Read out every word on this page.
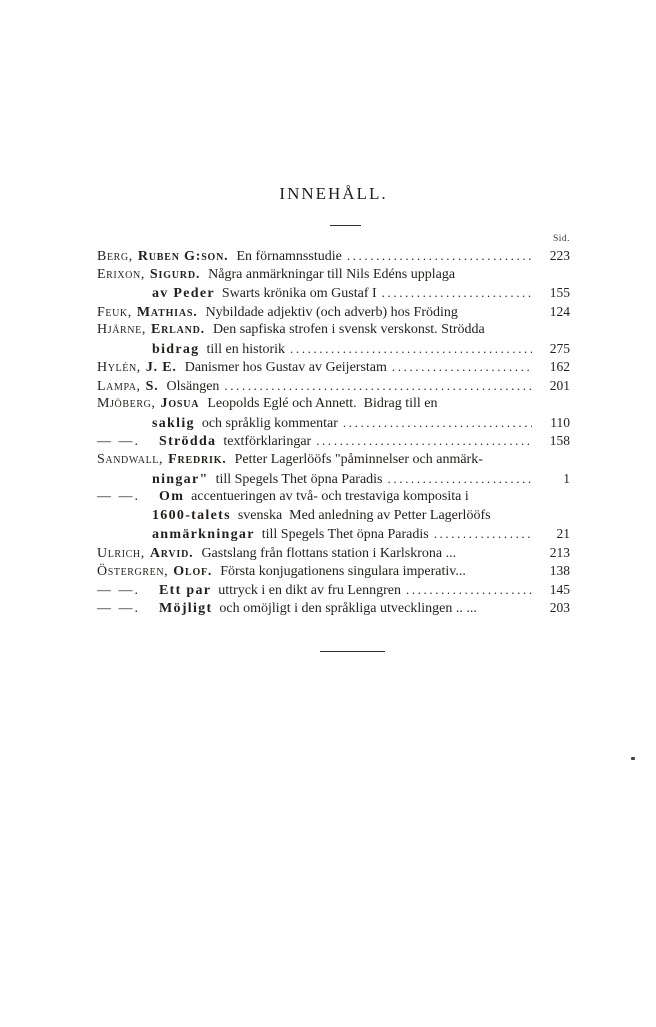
INNEHÅLL.
Sid.
Berg, Ruben G:son. En förnamnsstudie .....	223
Erixon, Sigurd. Några anmärkningar till Nils Edéns upplaga
av Peder Swarts krönika om Gustaf I .....	155
Feuk, Mathias. Nybildade adjektiv (och adverb) hos Fröding	124
Hjärne, Erland. Den sapfiska strofen i svensk verskonst. Strödda
bidrag till en historik .....	275
Hylén, J. E. Danismer hos Gustav av Geijerstam .....	162
Lampa, S. Olsängen .....	201
Mjöberg, Josua Leopolds Eglé och Annett.  Bidrag till en
saklig och språklig kommentar .....	110
— —. Strödda textförklaringar .....	158
Sandwall, Fredrik. Petter Lagerlööfs "påminnelser och anmärk-
ningar" till Spegels Thet öpna Paradis .....	1
— —. Om accentueringen av två- och trestaviga komposita i
1600-talets svenska  Med anledning av Petter Lagerlööfs
anmärkningar till Spegels Thet öpna Paradis .....	21
Ulrich, Arvid. Gastslang från flottans station i Karlskrona ...	213
Östergren, Olof. Första konjugationens singulara imperativ...	138
— —. Ett par uttryck i en dikt av fru Lenngren .....	145
— —. Möjligt och omöjligt i den språkliga utvecklingen .. ...	203
